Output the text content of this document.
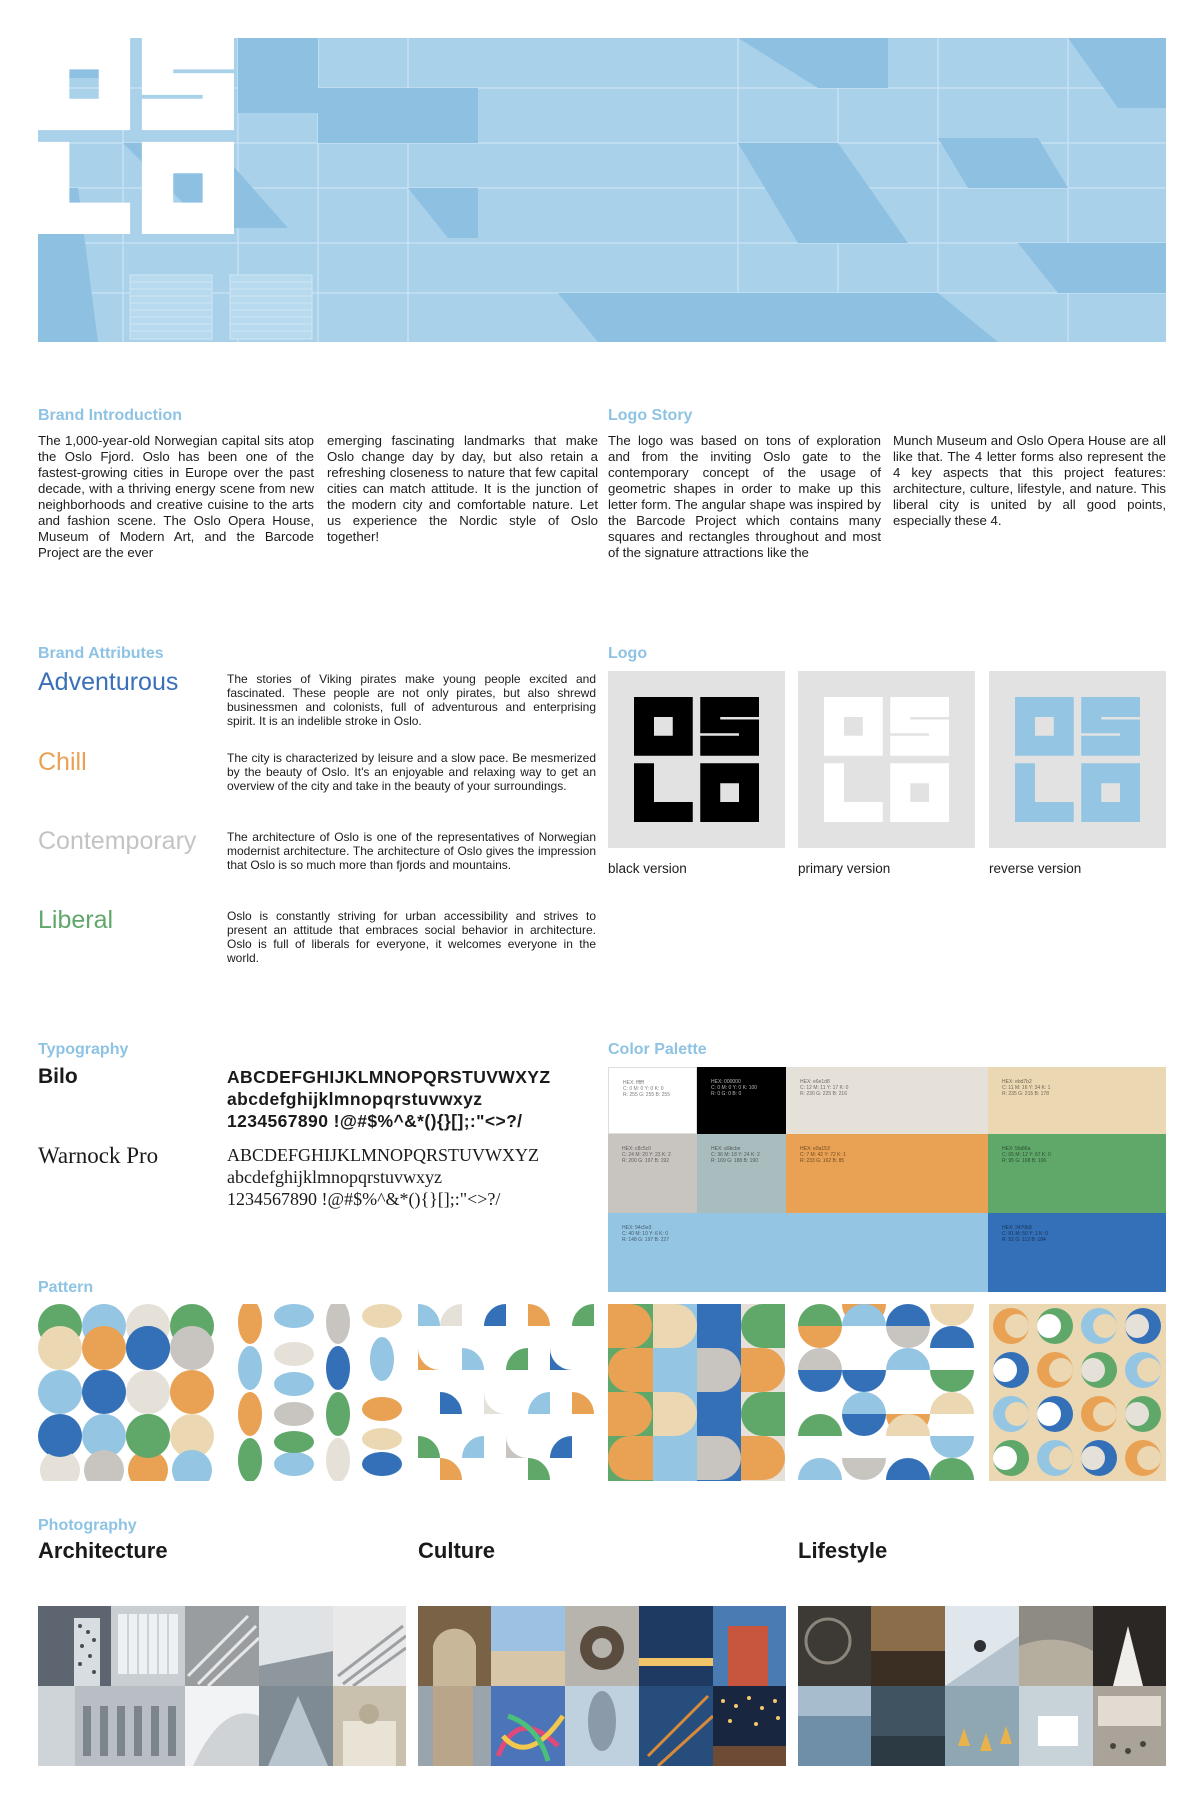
Brand Introduction
The 1,000-year-old Norwegian capital sits atop the Oslo Fjord. Oslo has been one of the fastest-growing cities in Europe over the past decade, with a thriving energy scene from new neighborhoods and creative cuisine to the arts and fashion scene. The Oslo Opera House, Museum of Modern Art, and the Barcode Project are the ever
emerging fascinating landmarks that make Oslo change day by day, but also retain a refreshing closeness to nature that few capital cities can match attitude. It is the junction of the modern city and comfortable nature. Let us experience the Nordic style of Oslo together!
Logo Story
The logo was based on tons of exploration and from the inviting Oslo gate to the contemporary concept of the usage of geometric shapes in order to make up this letter form. The angular shape was inspired by the Barcode Project which contains many squares and rectangles throughout and most of the signature attractions like the
Munch Museum and Oslo Opera House are all like that. The 4 letter forms also represent the 4 key aspects that this project features: architecture, culture, lifestyle, and nature. This liberal city is united by all good points, especially these 4.
Brand Attributes
Adventurous	The stories of Viking pirates make young people excited and fascinated. These people are not only pirates, but also shrewd businessmen and colonists, full of adventurous and enterprising spirit. It is an indelible stroke in Oslo.
Chill	The city is characterized by leisure and a slow pace. Be mesmerized by the beauty of Oslo. It's an enjoyable and relaxing way to get an overview of the city and take in the beauty of your surroundings.
Contemporary	The architecture of Oslo is one of the representatives of Norwegian modernist architecture. The architecture of Oslo gives the impression that Oslo is so much more than fjords and mountains.
Liberal	Oslo is constantly striving for urban accessibility and strives to present an attitude that embraces social behavior in architecture. Oslo is full of liberals for everyone, it welcomes everyone in the world.
Logo
black version	primary version	reverse version
Typography
Bilo	ABCDEFGHIJKLMNOPQRSTUVWXYZ
abcdefghijklmnopqrstuvwxyz
1234567890 !@#$%^&*(){}[];:"<>?/
Warnock Pro	ABCDEFGHIJKLMNOPQRSTUVWXYZ
abcdefghijklmnopqrstuvwxyz
1234567890 !@#$%^&*(){}[];:"<>?/
Color Palette
HEX: ffffff
C: 0 M: 0 Y: 0 K: 0
R: 255 G: 255 B: 255
HEX: 000000
C: 0 M: 0 Y: 0 K: 100
R: 0 G: 0 B: 0
HEX: e6e1d8
C: 12 M: 11 Y: 17 K: 0
R: 230 G: 225 B: 216
HEX: ebd7b2
C: 11 M: 16 Y: 34 K: 1
R: 235 G: 215 B: 178
HEX: c8c5c0
C: 24 M: 20 Y: 23 K: 2
R: 200 G: 197 B: 192
HEX: a9bcbe
C: 36 M: 18 Y: 24 K: 2
R: 169 G: 188 B: 190
HEX: e9a153
C: 7 M: 42 Y: 72 K: 1
R: 233 G: 162 B: 85
HEX: 5fa86a
C: 65 M: 12 Y: 67 K: 0
R: 95 G: 168 B: 106
HEX: 94c5e3
C: 40 M: 10 Y: 6 K: 0
R: 148 G: 197 B: 227
HEX: 3470b8
C: 81 M: 50 Y: 1 K: 0
R: 52 G: 112 B: 184
Pattern
Photography
Architecture	Culture	Lifestyle
